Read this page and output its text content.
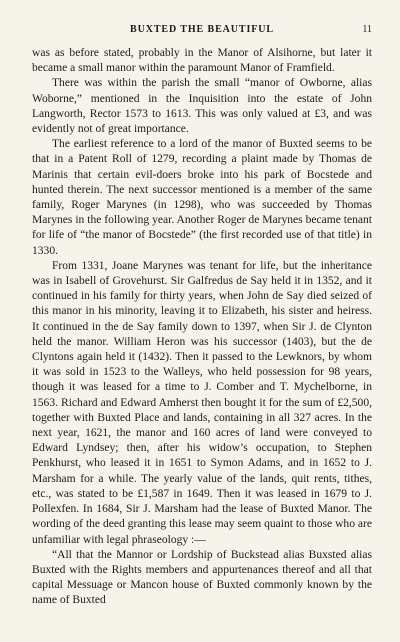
BUXTED THE BEAUTIFUL	11

was as before stated, probably in the Manor of Alsihorne, but later it became a small manor within the paramount Manor of Framfield.

There was within the parish the small “manor of Owborne, alias Woborne,” mentioned in the Inquisition into the estate of John Langworth, Rector 1573 to 1613. This was only valued at £3, and was evidently not of great importance.

The earliest reference to a lord of the manor of Buxted seems to be that in a Patent Roll of 1279, recording a plaint made by Thomas de Marinis that certain evil-doers broke into his park of Bocstede and hunted therein. The next successor mentioned is a member of the same family, Roger Marynes (in 1298), who was succeeded by Thomas Marynes in the following year. Another Roger de Marynes became tenant for life of “the manor of Bocstede” (the first recorded use of that title) in 1330.

From 1331, Joane Marynes was tenant for life, but the inheritance was in Isabell of Grovehurst. Sir Galfredus de Say held it in 1352, and it continued in his family for thirty years, when John de Say died seized of this manor in his minority, leaving it to Elizabeth, his sister and heiress. It continued in the de Say family down to 1397, when Sir J. de Clynton held the manor. William Heron was his successor (1403), but the de Clyntons again held it (1432). Then it passed to the Lewknors, by whom it was sold in 1523 to the Walleys, who held possession for 98 years, though it was leased for a time to J. Comber and T. Mychelborne, in 1563. Richard and Edward Amherst then bought it for the sum of £2,500, together with Buxted Place and lands, containing in all 327 acres. In the next year, 1621, the manor and 160 acres of land were conveyed to Edward Lyndsey; then, after his widow’s occupation, to Stephen Penkhurst, who leased it in 1651 to Symon Adams, and in 1652 to J. Marsham for a while. The yearly value of the lands, quit rents, tithes, etc., was stated to be £1,587 in 1649. Then it was leased in 1679 to J. Pollexfen. In 1684, Sir J. Marsham had the lease of Buxted Manor. The wording of the deed granting this lease may seem quaint to those who are unfamiliar with legal phraseology :—

“All that the Mannor or Lordship of Buckstead alias Buxsted alias Buxted with the Rights members and appurtenances thereof and all that capital Messuage or Mancon house of Buxted commonly known by the name of Buxted
